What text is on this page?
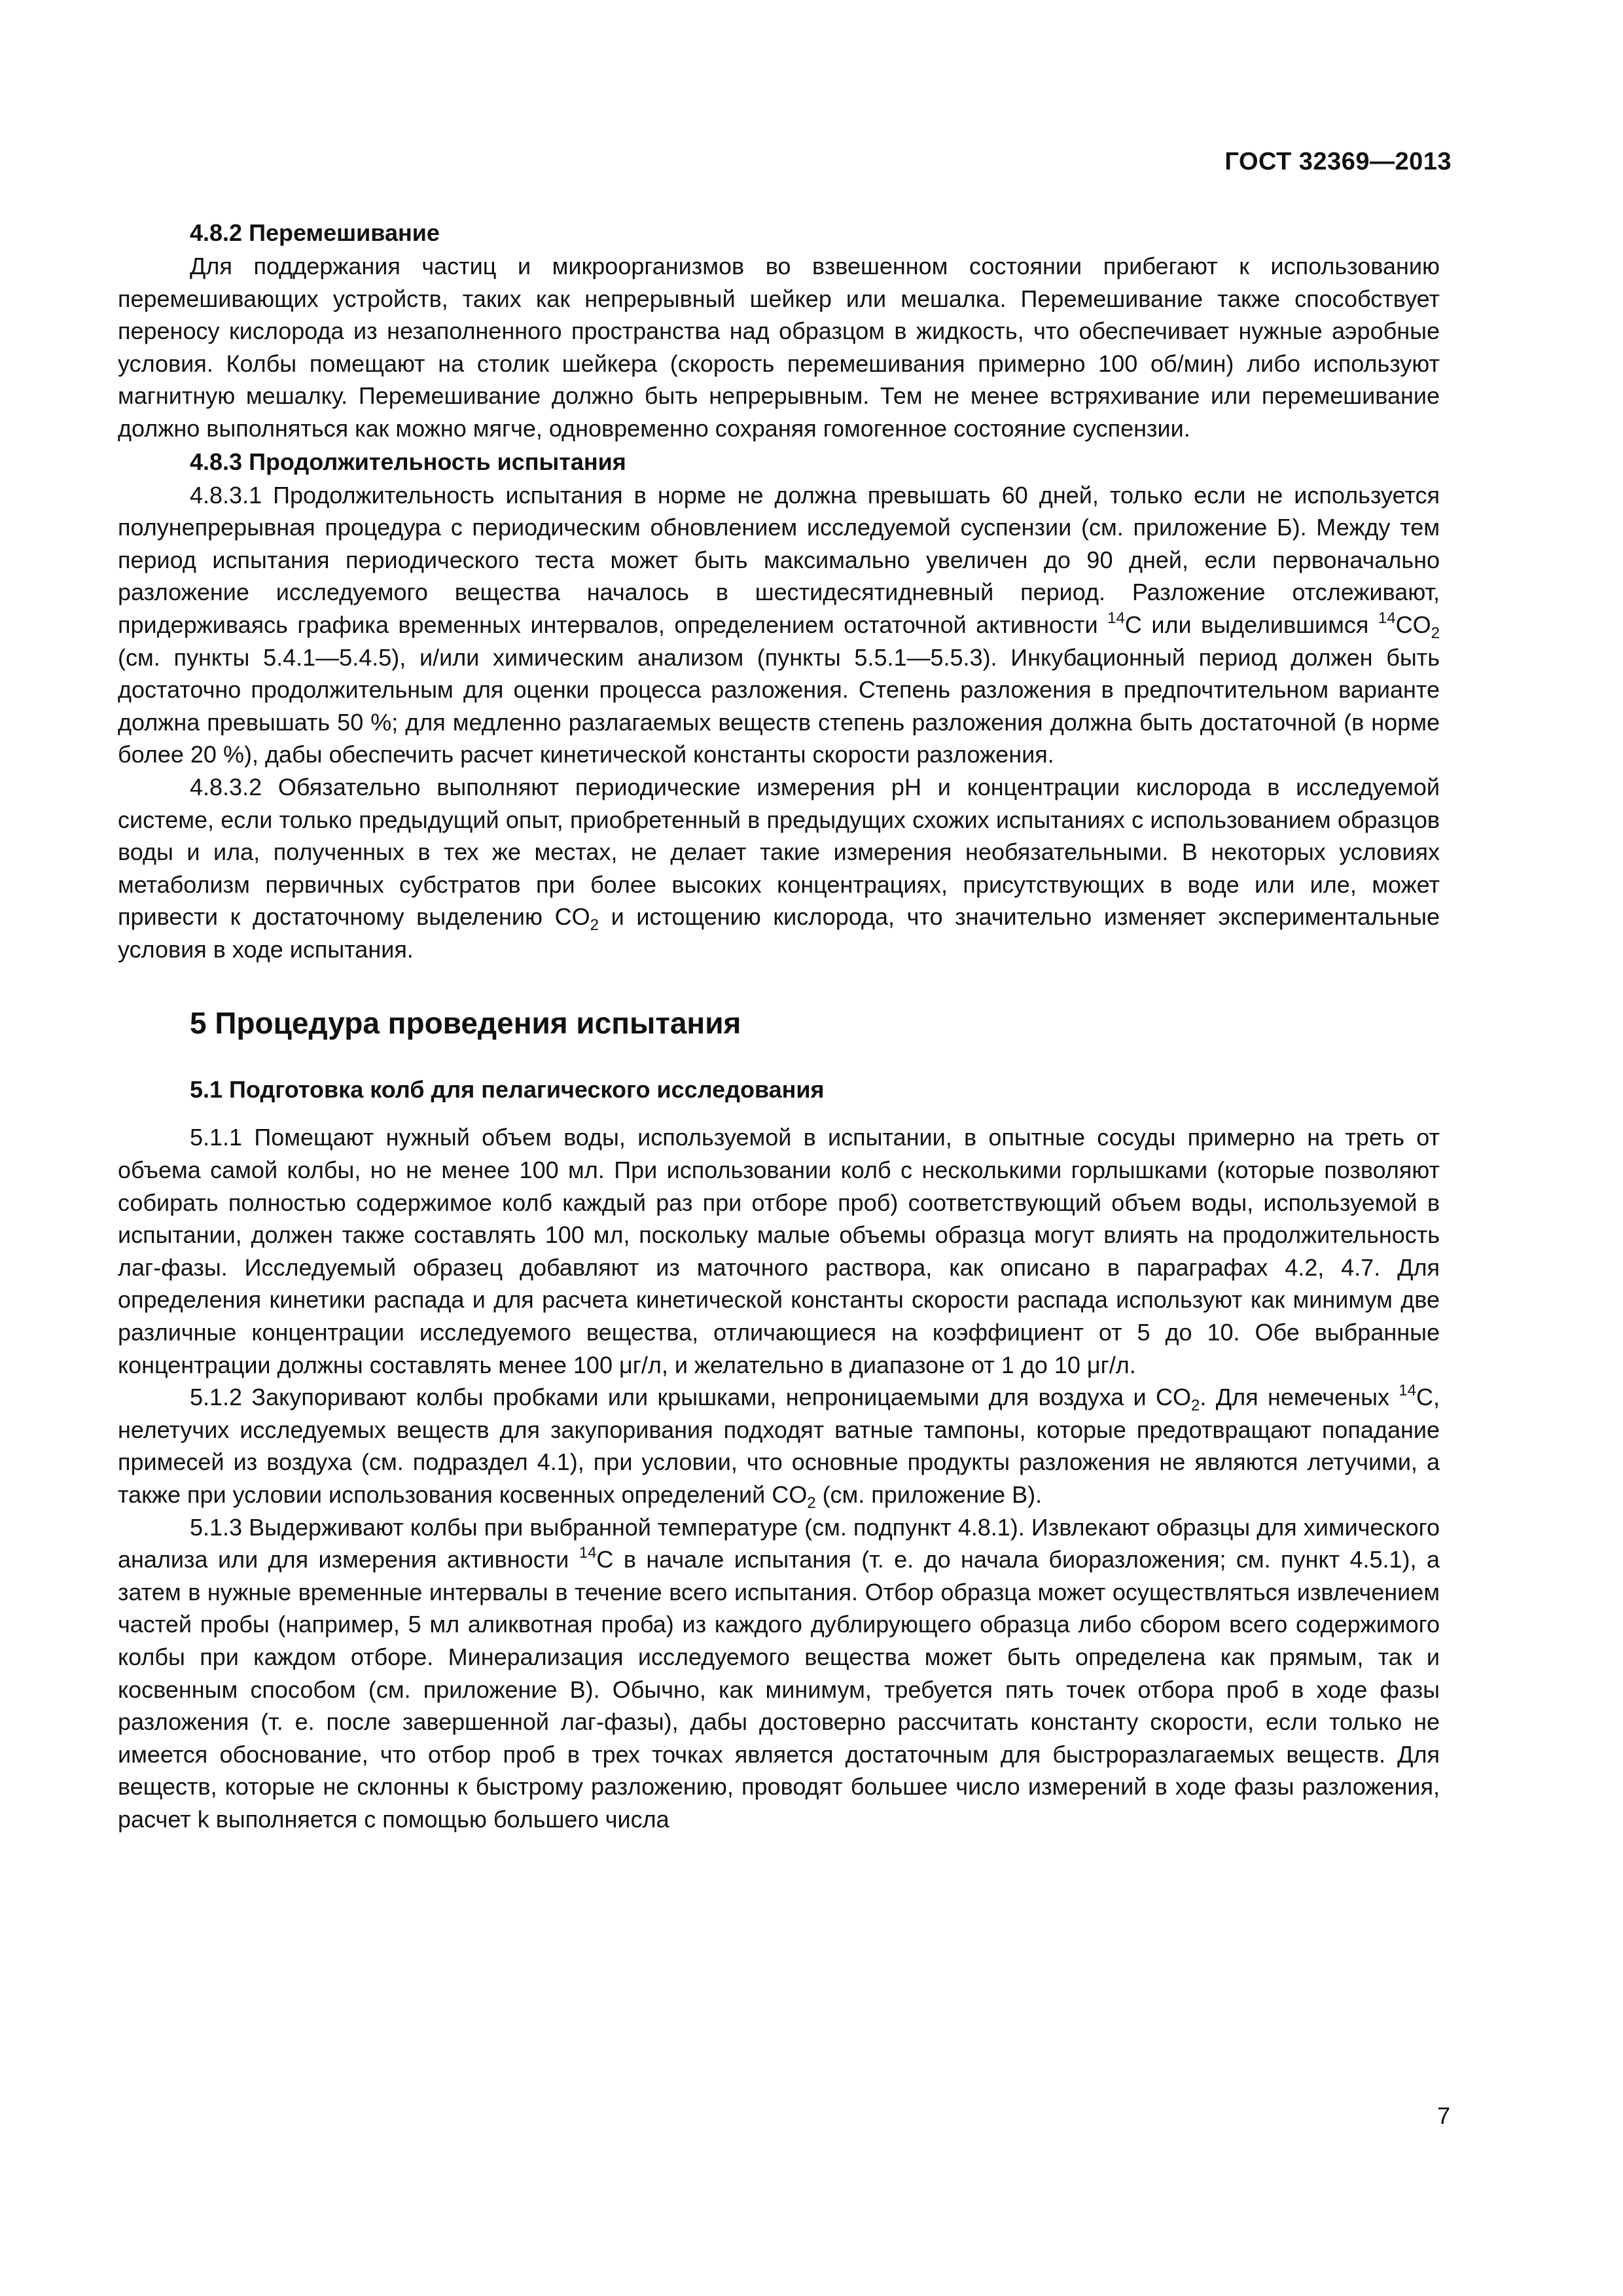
ГОСТ 32369—2013
4.8.2 Перемешивание

Для поддержания частиц и микроорганизмов во взвешенном состоянии прибегают к использованию перемешивающих устройств, таких как непрерывный шейкер или мешалка. Перемешивание также способствует переносу кислорода из незаполненного пространства над образцом в жидкость, что обеспечивает нужные аэробные условия. Колбы помещают на столик шейкера (скорость перемешивания примерно 100 об/мин) либо используют магнитную мешалку. Перемешивание должно быть непрерывным. Тем не менее встряхивание или перемешивание должно выполняться как можно мягче, одновременно сохраняя гомогенное состояние суспензии.

4.8.3 Продолжительность испытания

4.8.3.1 Продолжительность испытания в норме не должна превышать 60 дней, только если не используется полунепрерывная процедура с периодическим обновлением исследуемой суспензии (см. приложение Б). Между тем период испытания периодического теста может быть максимально увеличен до 90 дней, если первоначально разложение исследуемого вещества началось в шестидесятидневный период. Разложение отслеживают, придерживаясь графика временных интервалов, определением остаточной активности $^{14}$C или выделившимся $^{14}CO_2$ (см. пункты 5.4.1—5.4.5), и/или химическим анализом (пункты 5.5.1—5.5.3). Инкубационный период должен быть достаточно продолжительным для оценки процесса разложения. Степень разложения в предпочтительном варианте должна превышать 50 %; для медленно разлагаемых веществ степень разложения должна быть достаточной (в норме более 20 %), дабы обеспечить расчет кинетической константы скорости разложения.

4.8.3.2 Обязательно выполняют периодические измерения pH и концентрации кислорода в исследуемой системе, если только предыдущий опыт, приобретенный в предыдущих схожих испытаниях с использованием образцов воды и ила, полученных в тех же местах, не делает такие измерения необязательными. В некоторых условиях метаболизм первичных субстратов при более высоких концентрациях, присутствующих в воде или иле, может привести к достаточному выделению $CO_2$ и истощению кислорода, что значительно изменяет экспериментальные условия в ходе испытания.

5 Процедура проведения испытания
5.1 Подготовка колб для пелагического исследования

5.1.1 Помещают нужный объем воды, используемой в испытании, в опытные сосуды примерно на треть от объема самой колбы, но не менее 100 мл. При использовании колб с несколькими горлышками (которые позволяют собирать полностью содержимое колб каждый раз при отборе проб) соответствующий объем воды, используемой в испытании, должен также составлять 100 мл, поскольку малые объемы образца могут влиять на продолжительность лаг-фазы. Исследуемый образец добавляют из маточного раствора, как описано в параграфах 4.2, 4.7. Для определения кинетики распада и для расчета кинетической константы скорости распада используют как минимум две различные концентрации исследуемого вещества, отличающиеся на коэффициент от 5 до 10. Обе выбранные концентрации должны составлять менее 100 μг/л, и желательно в диапазоне от 1 до 10 μг/л.

5.1.2 Закупоривают колбы пробками или крышками, непроницаемыми для воздуха и $CO_2$. Для немеченых $^{14}$C, нелетучих исследуемых веществ для закупоривания подходят ватные тампоны, которые предотвращают попадание примесей из воздуха (см. подраздел 4.1), при условии, что основные продукты разложения не являются летучими, а также при условии использования косвенных определений $CO_2$ (см. приложение В).

5.1.3 Выдерживают колбы при выбранной температуре (см. подпункт 4.8.1). Извлекают образцы для химического анализа или для измерения активности $^{14}$C в начале испытания (т. е. до начала биоразложения; см. пункт 4.5.1), а затем в нужные временные интервалы в течение всего испытания. Отбор образца может осуществляться извлечением частей пробы (например, 5 мл аликвотная проба) из каждого дублирующего образца либо сбором всего содержимого колбы при каждом отборе. Минерализация исследуемого вещества может быть определена как прямым, так и косвенным способом (см. приложение В). Обычно, как минимум, требуется пять точек отбора проб в ходе фазы разложения (т. е. после завершенной лаг-фазы), дабы достоверно рассчитать константу скорости, если только не имеется обоснование, что отбор проб в трех точках является достаточным для быстроразлагаемых веществ. Для веществ, которые не склонны к быстрому разложению, проводят большее число измерений в ходе фазы разложения, расчет k выполняется с помощью большего числа

7
